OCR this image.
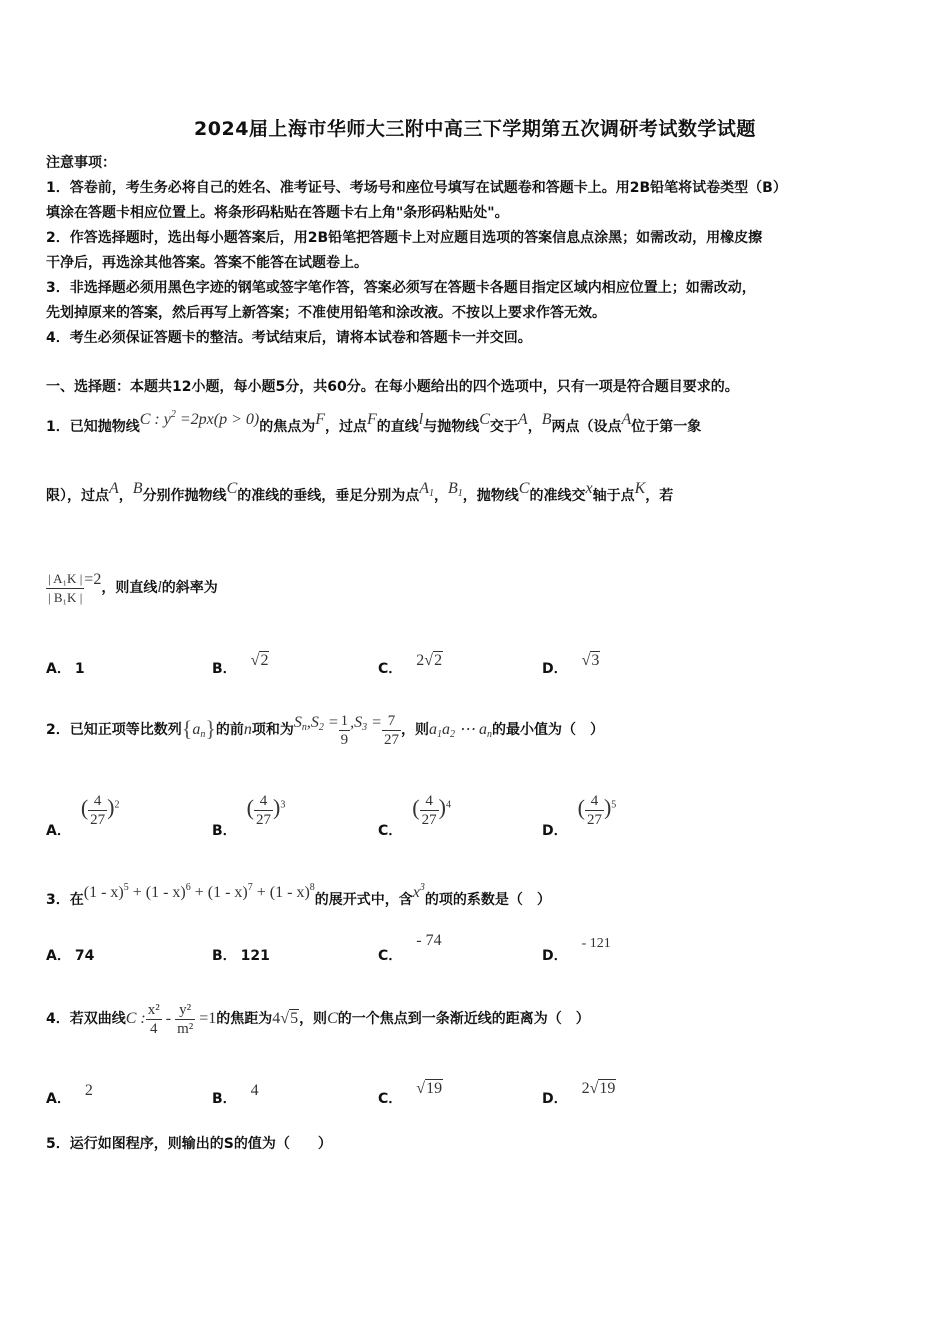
2024届上海市华师大三附中高三下学期第五次调研考试数学试题
注意事项：
1．答卷前，考生务必将自己的姓名、准考证号、考场号和座位号填写在试题卷和答题卡上。用2B铅笔将试卷类型（B）
填涂在答题卡相应位置上。将条形码粘贴在答题卡右上角"条形码粘贴处"。
2．作答选择题时，选出每小题答案后，用2B铅笔把答题卡上对应题目选项的答案信息点涂黑；如需改动，用橡皮擦
干净后，再选涂其他答案。答案不能答在试题卷上。
3．非选择题必须用黑色字迹的钢笔或签字笔作答，答案必须写在答题卡各题目指定区域内相应位置上；如需改动，
先划掉原来的答案，然后再写上新答案；不准使用铅笔和涂改液。不按以上要求作答无效。
4．考生必须保证答题卡的整洁。考试结束后，请将本试卷和答题卡一并交回。
一、选择题：本题共12小题，每小题5分，共60分。在每小题给出的四个选项中，只有一项是符合题目要求的。
1．已知抛物线C : $y^2 =2px(p > 0)$的焦点为F，过点F的直线l与抛物线C交于A，B两点（设点A位于第一象
限），过点A，B分别作抛物线C的准线的垂线，垂足分别为点$A_1$，$B_1$，抛物线C的准线交x轴于点K，若
$\frac{\text{| A₁K |}}{\text{| B₁K |}} =2$，则直线l的斜率为
A． 1	B． √2	C． 2√2	D． √3
2．已知正项等比数列$\{a_n\}$的前n项和为$S_n,S_2 = \frac{1}{9} ,S_3 = \frac{7}{27}$ ，则$a_1a_2$ ⋯ $a_n$的最小值为（　）
A．( $\frac{4}{27} )^2$
B．( $\frac{4}{27} )^3$
C．( $\frac{4}{27} )^4$
D．( $\frac{4}{27} )^5$
3．在(1 - x)$^5$ + (1 - x)$^6$ + (1 - x)$^7$ + (1 - x)$^8$的展开式中，含$x^3$的项的系数是（　）
A． 74	B． 121	C．- 74
D．- 121
4．若双曲线C : $\frac{\text{x²}}{4} - \frac{\text{y²}}{\text{m²}} =1$的焦距为4√5，则C的一个焦点到一条渐近线的距离为（　）
A． 2	B． 4	C．√19
D．2√19
5．运行如图程序，则输出的S的值为（　　）
